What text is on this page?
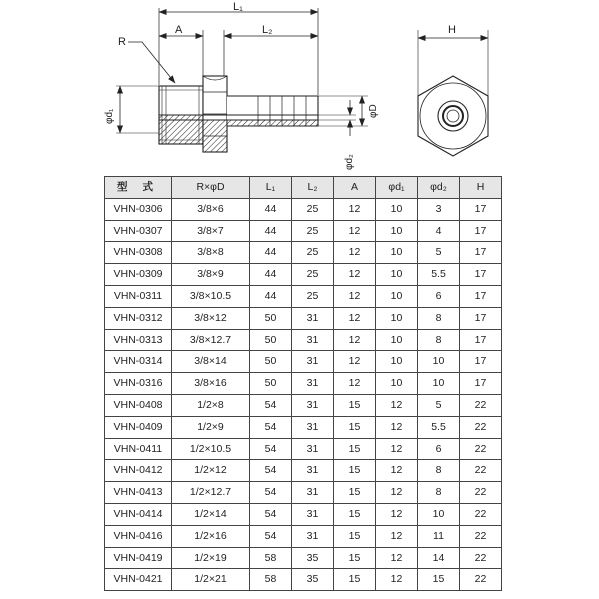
L₁
A	L₂
R
φd₁	φD
φd₂
H
型 式	R×φD	L₁	L₂	A	φd₁	φd₂	H
VHN-0306	3/8×6	44	25	12	10	3	17
VHN-0307	3/8×7	44	25	12	10	4	17
VHN-0308	3/8×8	44	25	12	10	5	17
VHN-0309	3/8×9	44	25	12	10	5.5	17
VHN-0311	3/8×10.5	44	25	12	10	6	17
VHN-0312	3/8×12	50	31	12	10	8	17
VHN-0313	3/8×12.7	50	31	12	10	8	17
VHN-0314	3/8×14	50	31	12	10	10	17
VHN-0316	3/8×16	50	31	12	10	10	17
VHN-0408	1/2×8	54	31	15	12	5	22
VHN-0409	1/2×9	54	31	15	12	5.5	22
VHN-0411	1/2×10.5	54	31	15	12	6	22
VHN-0412	1/2×12	54	31	15	12	8	22
VHN-0413	1/2×12.7	54	31	15	12	8	22
VHN-0414	1/2×14	54	31	15	12	10	22
VHN-0416	1/2×16	54	31	15	12	11	22
VHN-0419	1/2×19	58	35	15	12	14	22
VHN-0421	1/2×21	58	35	15	12	15	22
